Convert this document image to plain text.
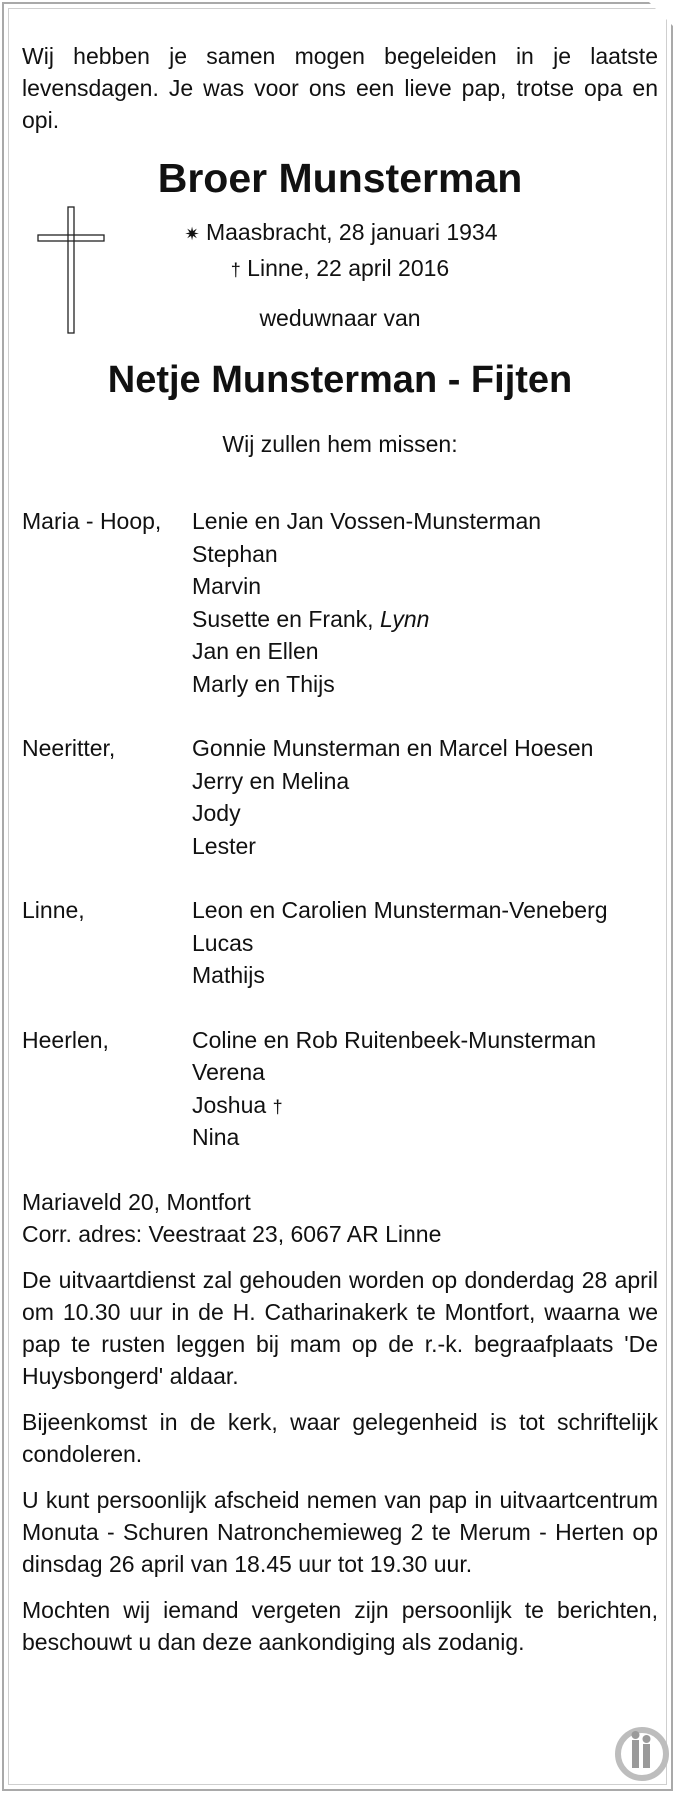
Wij hebben je samen mogen begeleiden in je laatste levensdagen. Je was voor ons een lieve pap, trotse opa en opi.

Broer Munsterman
✷ Maasbracht, 28 januari 1934
† Linne, 22 april 2016
weduwnaar van
Netje Munsterman - Fijten
Wij zullen hem missen:
Maria - Hoop,	Lenie en Jan Vossen-Munsterman
Stephan
Marvin
Susette en Frank, Lynn
Jan en Ellen
Marly en Thijs
Neeritter,	Gonnie Munsterman en Marcel Hoesen
Jerry en Melina
Jody
Lester
Linne,	Leon en Carolien Munsterman-Veneberg
Lucas
Mathijs
Heerlen,	Coline en Rob Ruitenbeek-Munsterman
Verena
Joshua †
Nina
Mariaveld 20, Montfort
Corr. adres: Veestraat 23, 6067 AR Linne

De uitvaartdienst zal gehouden worden op donderdag 28 april om 10.30 uur in de H. Catharinakerk te Montfort, waarna we pap te rusten leggen bij mam op de r.-k. begraafplaats 'De Huysbongerd' aldaar.

Bijeenkomst in de kerk, waar gelegenheid is tot schriftelijk condoleren.

U kunt persoonlijk afscheid nemen van pap in uitvaartcentrum Monuta - Schuren Natronchemieweg 2 te Merum - Herten op dinsdag 26 april van 18.45 uur tot 19.30 uur.

Mochten wij iemand vergeten zijn persoonlijk te berichten, beschouwt u dan deze aankondiging als zodanig.
